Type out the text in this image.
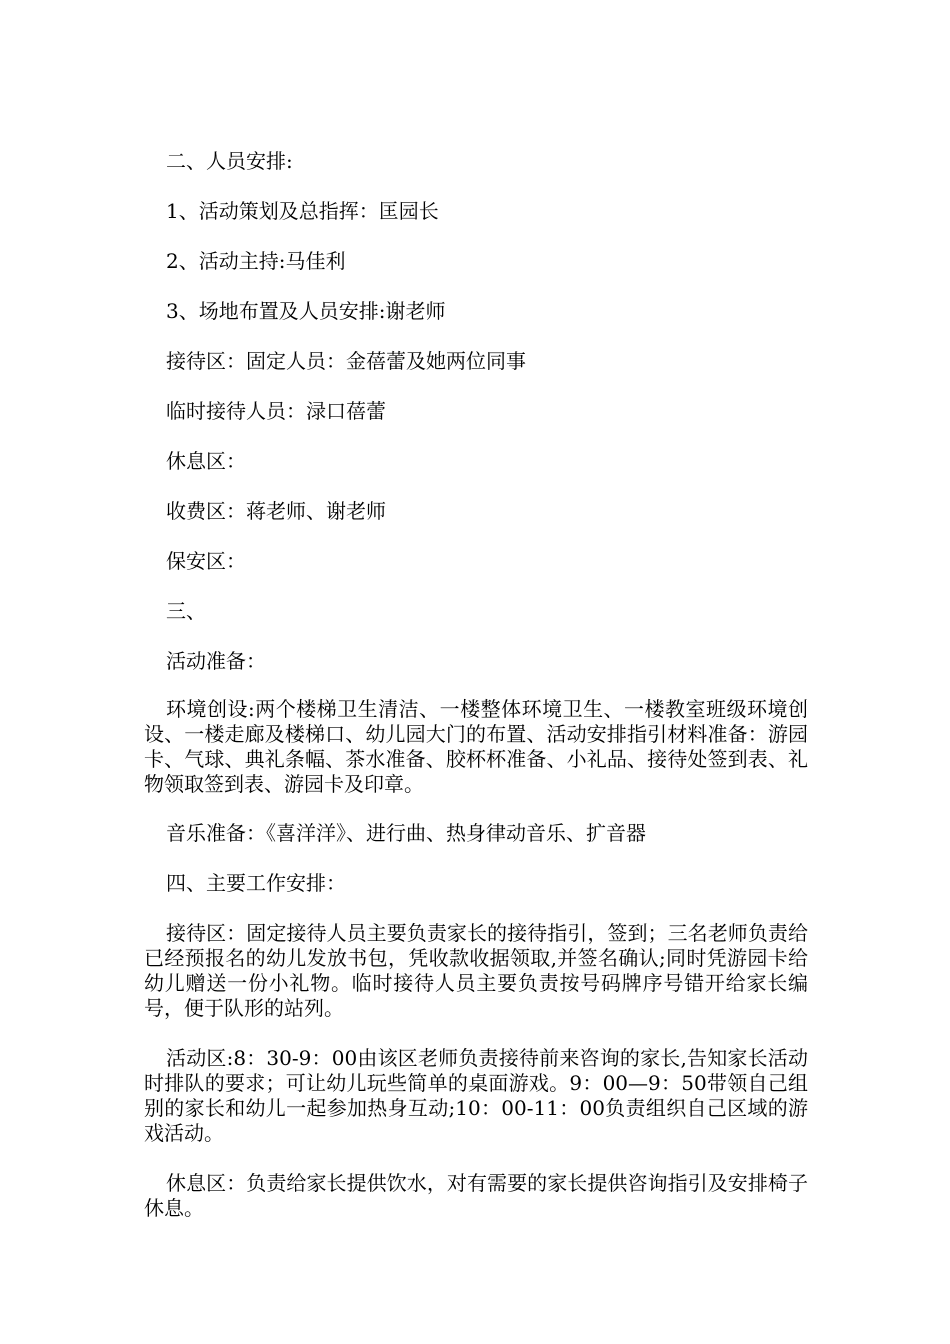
二、人员安排:
1、活动策划及总指挥：匡园长
2、活动主持:马佳利
3、场地布置及人员安排:谢老师
接待区：固定人员：金蓓蕾及她两位同事
临时接待人员：渌口蓓蕾
休息区：
收费区：蒋老师、谢老师
保安区：
三、
活动准备：
环境创设:两个楼梯卫生清洁、一楼整体环境卫生、一楼教室班级环境创设、一楼走廊及楼梯口、幼儿园大门的布置、活动安排指引材料准备：游园卡、气球、典礼条幅、茶水准备、胶杯杯准备、小礼品、接待处签到表、礼物领取签到表、游园卡及印章。
音乐准备：《喜洋洋》、进行曲、热身律动音乐、扩音器
四、主要工作安排：
接待区：固定接待人员主要负责家长的接待指引，签到；三名老师负责给已经预报名的幼儿发放书包，凭收款收据领取,并签名确认;同时凭游园卡给幼儿赠送一份小礼物。临时接待人员主要负责按号码牌序号错开给家长编号，便于队形的站列。
活动区:8：30-9：00由该区老师负责接待前来咨询的家长,告知家长活动时排队的要求；可让幼儿玩些简单的桌面游戏。9：00—9：50带领自己组别的家长和幼儿一起参加热身互动;10：00-11：00负责组织自己区域的游戏活动。
休息区：负责给家长提供饮水，对有需要的家长提供咨询指引及安排椅子休息。
